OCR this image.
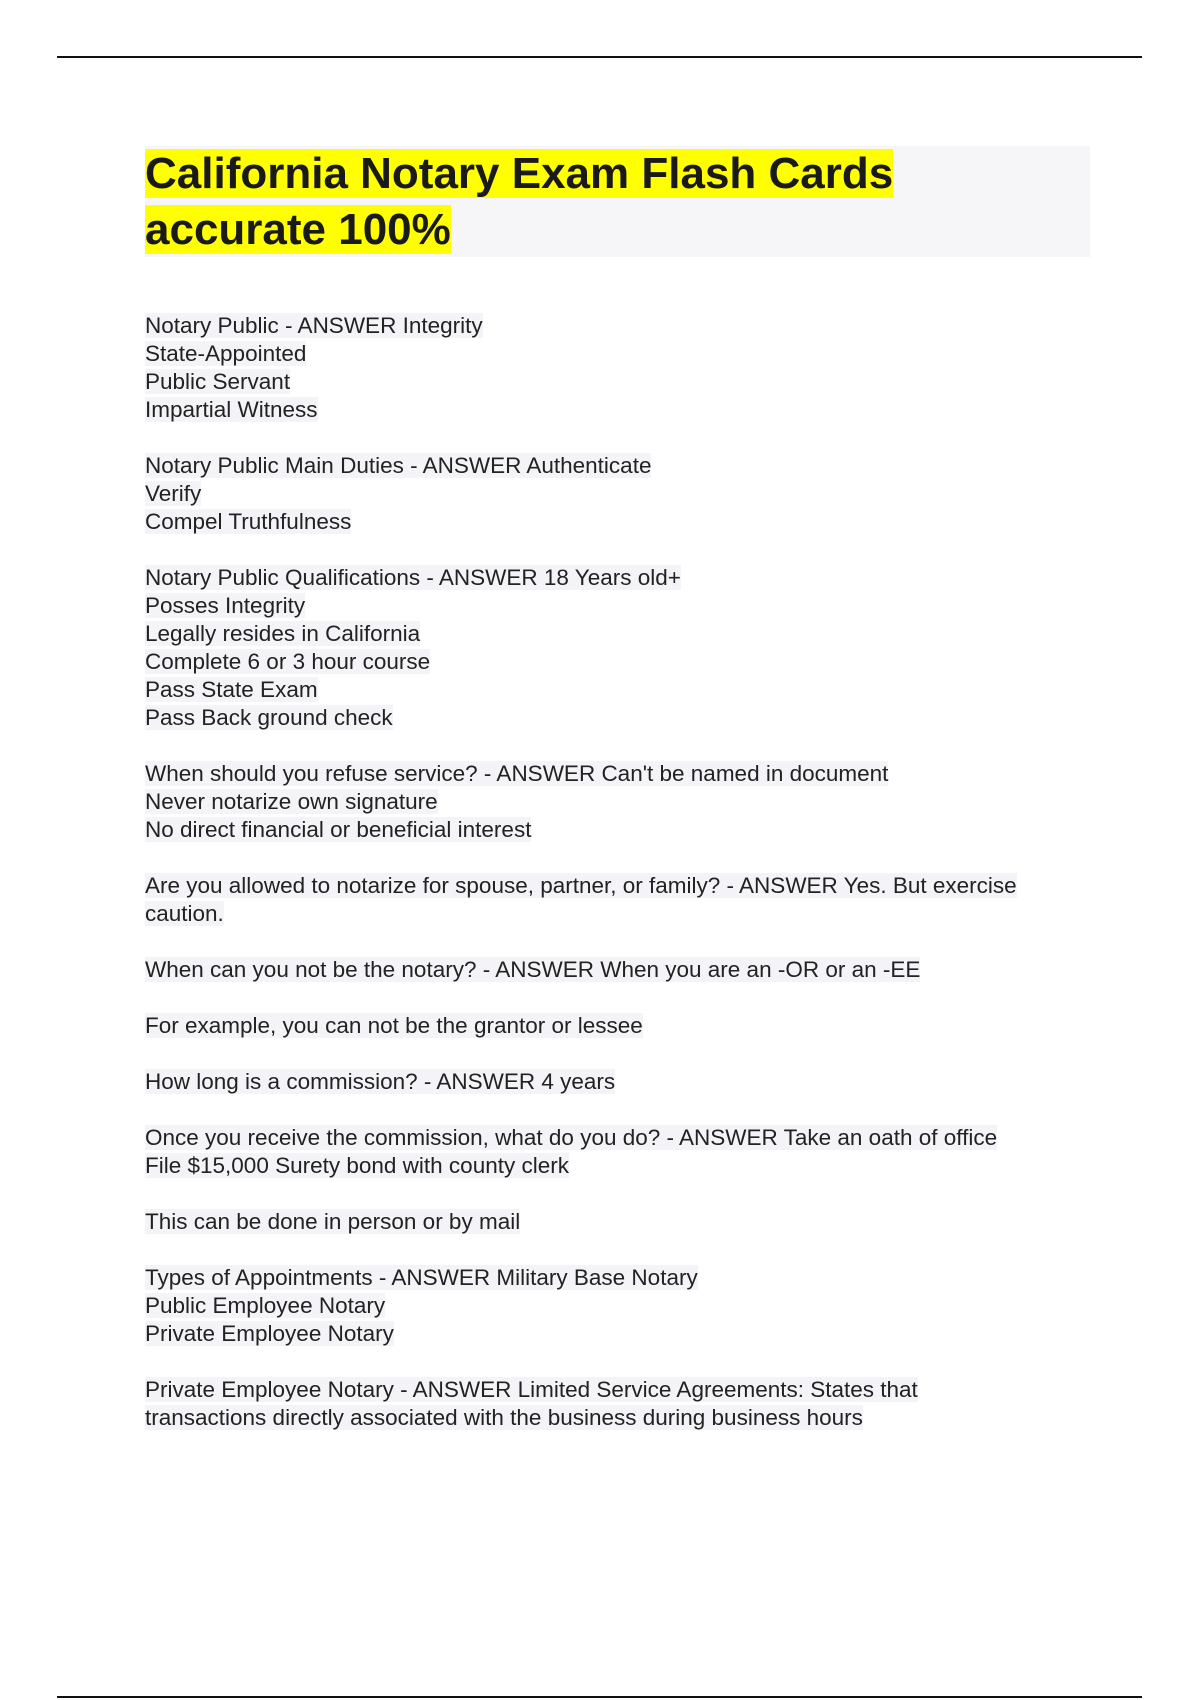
California Notary Exam Flash Cards
accurate 100%
Notary Public - ANSWER Integrity
State-Appointed
Public Servant
Impartial Witness
Notary Public Main Duties - ANSWER Authenticate
Verify
Compel Truthfulness
Notary Public Qualifications - ANSWER 18 Years old+
Posses Integrity
Legally resides in California
Complete 6 or 3 hour course
Pass State Exam
Pass Back ground check
When should you refuse service? - ANSWER Can't be named in document
Never notarize own signature
No direct financial or beneficial interest
Are you allowed to notarize for spouse, partner, or family? - ANSWER Yes. But exercise
caution.
When can you not be the notary? - ANSWER When you are an -OR or an -EE
For example, you can not be the grantor or lessee
How long is a commission? - ANSWER 4 years
Once you receive the commission, what do you do? - ANSWER Take an oath of office
File $15,000 Surety bond with county clerk
This can be done in person or by mail
Types of Appointments - ANSWER Military Base Notary
Public Employee Notary
Private Employee Notary
Private Employee Notary - ANSWER Limited Service Agreements: States that
transactions directly associated with the business during business hours
